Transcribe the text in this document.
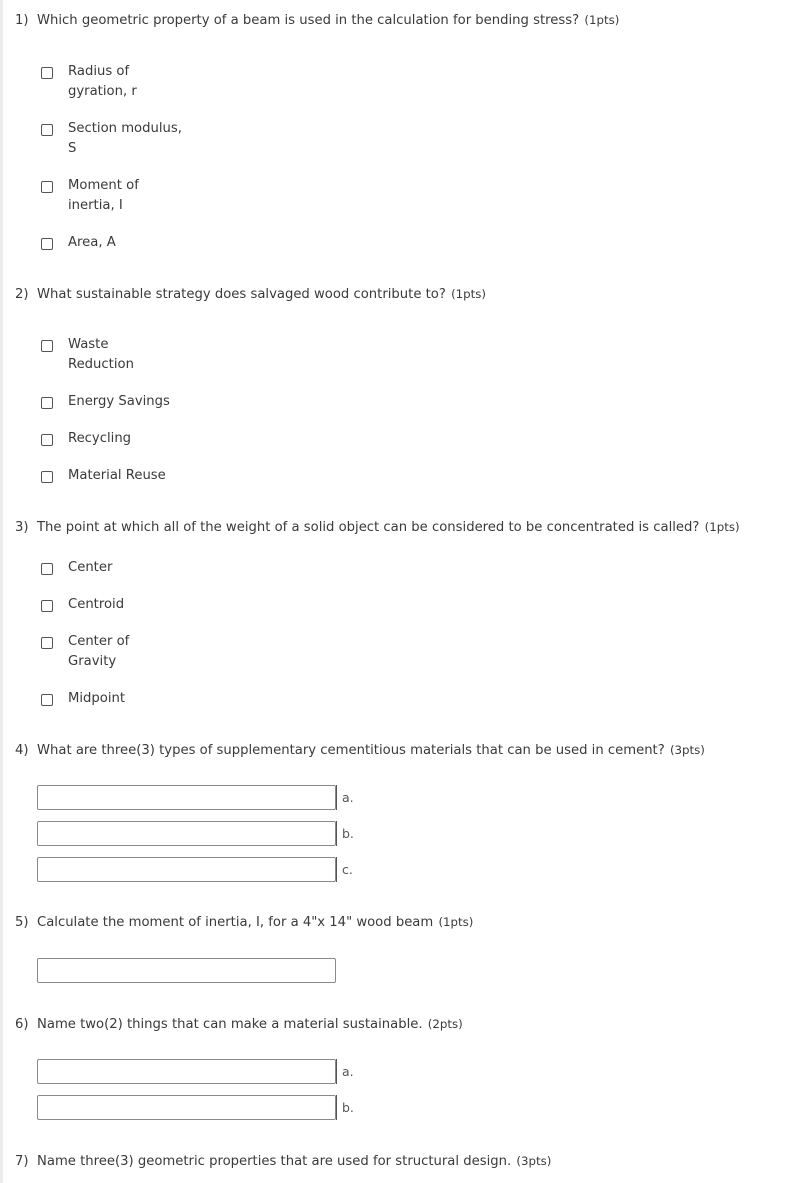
1) Which geometric property of a beam is used in the calculation for bending stress? (1pts)
Radius of
gyration, r
Section modulus,
S
Moment of
inertia, I
Area, A
2) What sustainable strategy does salvaged wood contribute to? (1pts)
Waste
Reduction
Energy Savings
Recycling
Material Reuse
3) The point at which all of the weight of a solid object can be considered to be concentrated is called? (1pts)
Center
Centroid
Center of
Gravity
Midpoint
4) What are three(3) types of supplementary cementitious materials that can be used in cement? (3pts)
a.
b.
c.
5) Calculate the moment of inertia, I, for a 4"x 14" wood beam (1pts)
6) Name two(2) things that can make a material sustainable. (2pts)
a.
b.
7) Name three(3) geometric properties that are used for structural design. (3pts)
